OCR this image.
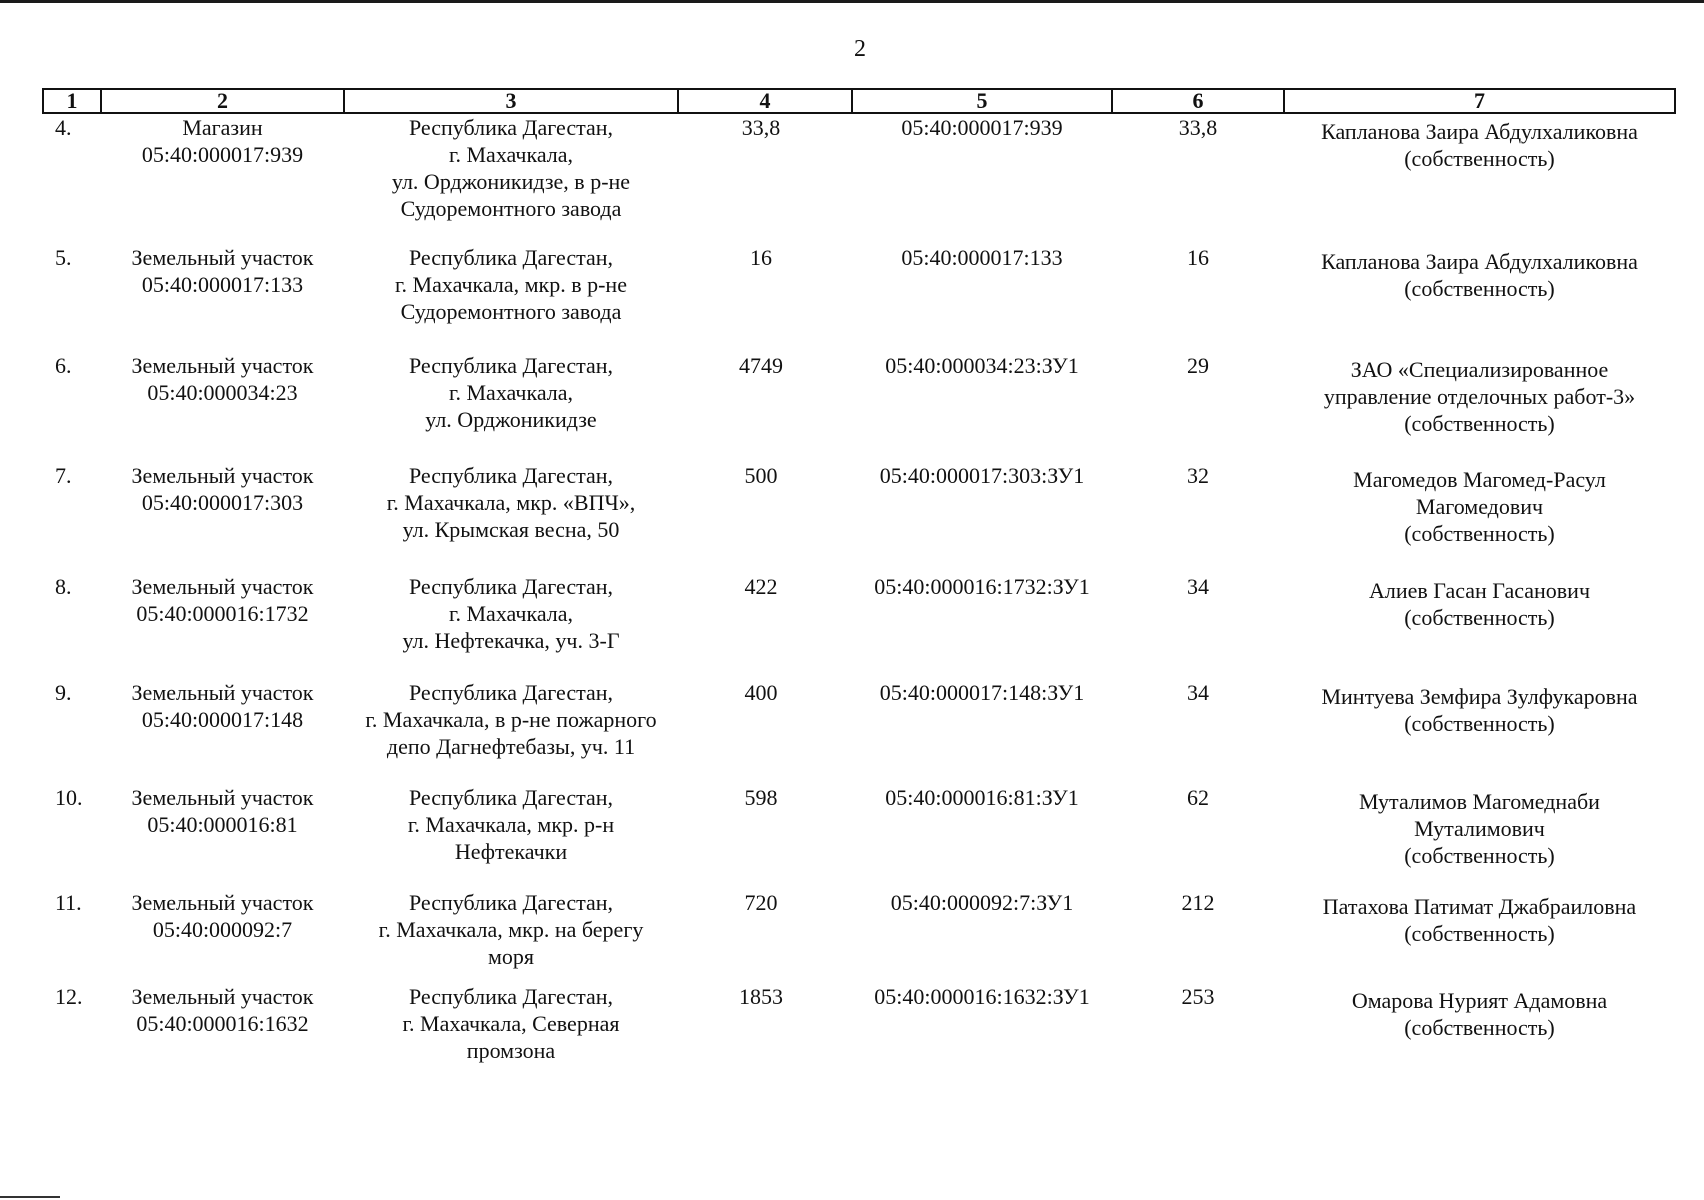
2
1	2	3	4	5	6	7
4.	Магазин
05:40:000017:939	Республика Дагестан,
г. Махачкала,
ул. Орджоникидзе, в р-не
Судоремонтного завода	33,8	05:40:000017:939	33,8	Капланова Заира Абдулхаликовна
(собственность)

5.	Земельный участок
05:40:000017:133	Республика Дагестан,
г. Махачкала, мкр. в р-не
Судоремонтного завода	16	05:40:000017:133	16	Капланова Заира Абдулхаликовна
(собственность)

6.	Земельный участок
05:40:000034:23	Республика Дагестан,
г. Махачкала,
ул. Орджоникидзе	4749	05:40:000034:23:ЗУ1	29	ЗАО «Специализированное
управление отделочных работ-3»
(собственность)

7.	Земельный участок
05:40:000017:303	Республика Дагестан,
г. Махачкала, мкр. «ВПЧ»,
ул. Крымская весна, 50	500	05:40:000017:303:ЗУ1	32	Магомедов Магомед-Расул
Магомедович
(собственность)

8.	Земельный участок
05:40:000016:1732	Республика Дагестан,
г. Махачкала,
ул. Нефтекачка, уч. 3-Г	422	05:40:000016:1732:ЗУ1	34	Алиев Гасан Гасанович
(собственность)

9.	Земельный участок
05:40:000017:148	Республика Дагестан,
г. Махачкала, в р-не пожарного
депо Дагнефтебазы, уч. 11	400	05:40:000017:148:ЗУ1	34	Минтуева Земфира Зулфукаровна
(собственность)

10.	Земельный участок
05:40:000016:81	Республика Дагестан,
г. Махачкала, мкр. р-н
Нефтекачки	598	05:40:000016:81:ЗУ1	62	Муталимов Магомеднаби
Муталимович
(собственность)

11.	Земельный участок
05:40:000092:7	Республика Дагестан,
г. Махачкала, мкр. на берегу
моря	720	05:40:000092:7:ЗУ1	212	Патахова Патимат Джабраиловна
(собственность)

12.	Земельный участок
05:40:000016:1632	Республика Дагестан,
г. Махачкала, Северная
промзона	1853	05:40:000016:1632:ЗУ1	253	Омарова Нурият Адамовна
(собственность)
